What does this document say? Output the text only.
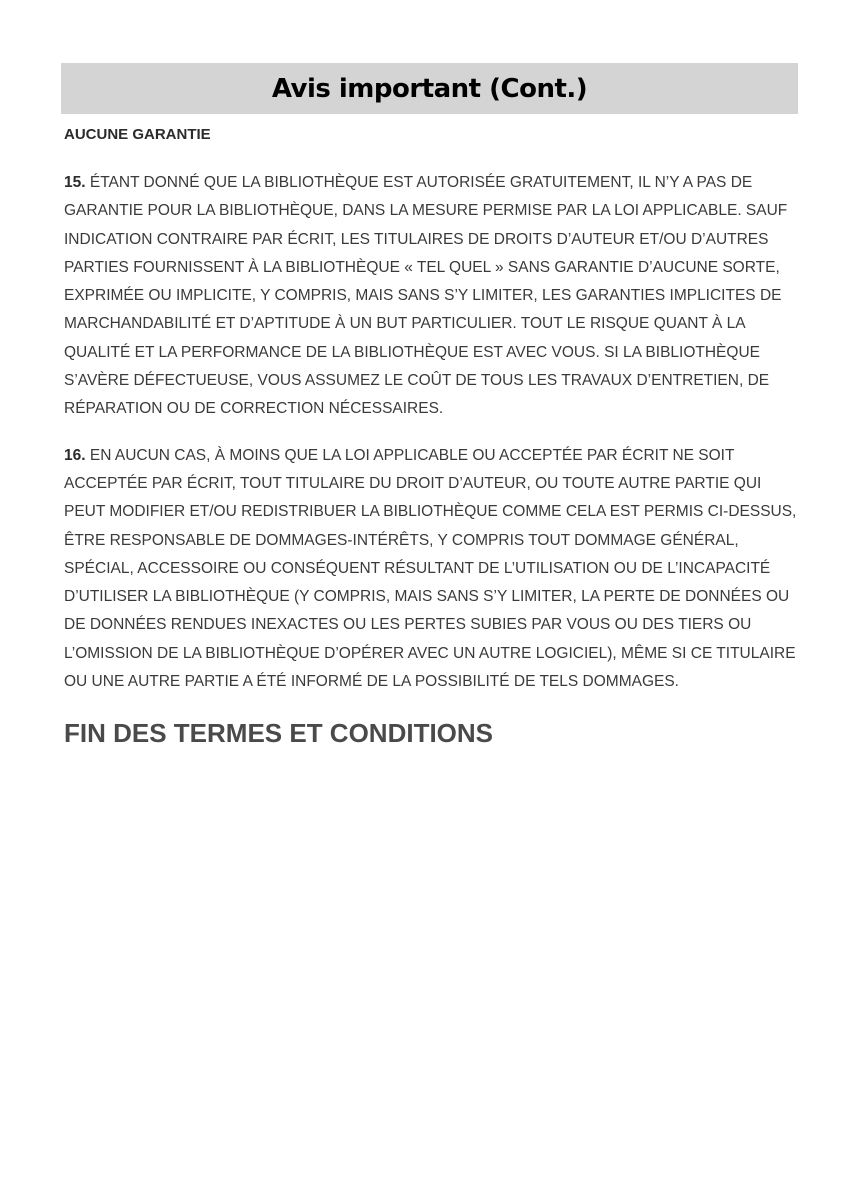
Avis important (Cont.)

AUCUNE GARANTIE

15. ÉTANT DONNÉ QUE LA BIBLIOTHÈQUE EST AUTORISÉE GRATUITEMENT, IL N’Y A PAS DE GARANTIE POUR LA BIBLIOTHÈQUE, DANS LA MESURE PERMISE PAR LA LOI APPLICABLE. SAUF INDICATION CONTRAIRE PAR ÉCRIT, LES TITULAIRES DE DROITS D’AUTEUR ET/OU D’AUTRES PARTIES FOURNISSENT À LA BIBLIOTHÈQUE « TEL QUEL » SANS GARANTIE D’AUCUNE SORTE, EXPRIMÉE OU IMPLICITE, Y COMPRIS, MAIS SANS S’Y LIMITER, LES GARANTIES IMPLICITES DE MARCHANDABILITÉ ET D’APTITUDE À UN BUT PARTICULIER. TOUT LE RISQUE QUANT À LA QUALITÉ ET LA PERFORMANCE DE LA BIBLIOTHÈQUE EST AVEC VOUS. SI LA BIBLIOTHÈQUE S’AVÈRE DÉFECTUEUSE, VOUS ASSUMEZ LE COÛT DE TOUS LES TRAVAUX D’ENTRETIEN, DE RÉPARATION OU DE CORRECTION NÉCESSAIRES.

16. EN AUCUN CAS, À MOINS QUE LA LOI APPLICABLE OU ACCEPTÉE PAR ÉCRIT NE SOIT ACCEPTÉE PAR ÉCRIT, TOUT TITULAIRE DU DROIT D’AUTEUR, OU TOUTE AUTRE PARTIE QUI PEUT MODIFIER ET/OU REDISTRIBUER LA BIBLIOTHÈQUE COMME CELA EST PERMIS CI-DESSUS, ÊTRE RESPONSABLE DE DOMMAGES-INTÉRÊTS, Y COMPRIS TOUT DOMMAGE GÉNÉRAL, SPÉCIAL, ACCESSOIRE OU CONSÉQUENT RÉSULTANT DE L’UTILISATION OU DE L’INCAPACITÉ D’UTILISER LA BIBLIOTHÈQUE (Y COMPRIS, MAIS SANS S’Y LIMITER, LA PERTE DE DONNÉES OU DE DONNÉES RENDUES INEXACTES OU LES PERTES SUBIES PAR VOUS OU DES TIERS OU L’OMISSION DE LA BIBLIOTHÈQUE D’OPÉRER AVEC UN AUTRE LOGICIEL), MÊME SI CE TITULAIRE OU UNE AUTRE PARTIE A ÉTÉ INFORMÉ DE LA POSSIBILITÉ DE TELS DOMMAGES.

FIN DES TERMES ET CONDITIONS
